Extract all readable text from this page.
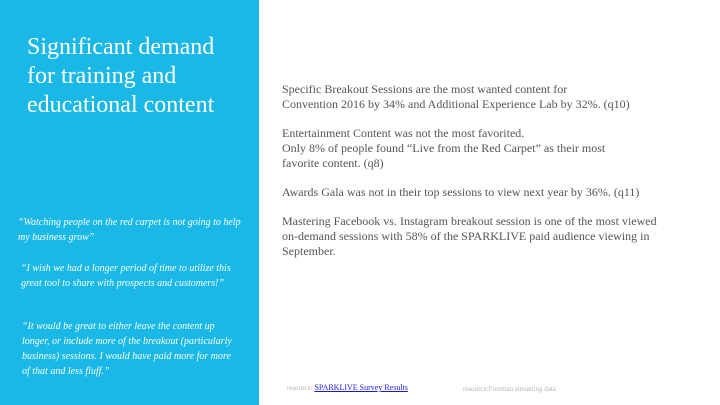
Significant demand
for training and
educational content

“Watching people on the red carpet is not going to help
my business grow”

“I wish we had a longer period of time to utilize this
great tool to share with prospects and customers!”

“It would be great to either leave the content up
longer, or include more of the breakout (particularly
business) sessions. I would have paid more for more
of that and less fluff.”

Specific Breakout Sessions are the most wanted content for
Convention 2016 by 34% and Additional Experience Lab by 32%. (q10)

Entertainment Content was not the most favorited.
Only 8% of people found “Live from the Red Carpet” as their most
favorite content. (q8)

Awards Gala was not in their top sessions to view next year by 36%. (q11)

Mastering Facebook vs. Instagram breakout session is one of the most viewed
on-demand sessions with 58% of the SPARKLIVE paid audience viewing in
September.

resource: SPARKLIVE Survey Results	resource:Freeman streaming data
